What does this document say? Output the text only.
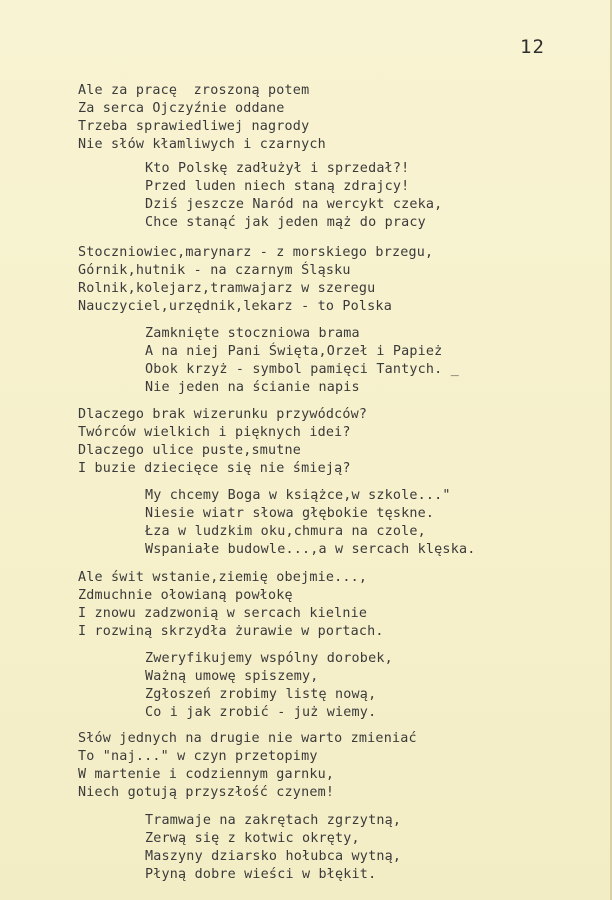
12
Ale za pracę  zroszoną potem
Za serca Ojczyźnie oddane
Trzeba sprawiedliwej nagrody
Nie słów kłamliwych i czarnych
Kto Polskę zadłużył i sprzedał?!
Przed luden niech staną zdrajcy!
Dziś jeszcze Naród na wercykt czeka,
Chce stanąć jak jeden mąż do pracy
Stoczniowiec,marynarz - z morskiego brzegu,
Górnik,hutnik - na czarnym Śląsku
Rolnik,kolejarz,tramwajarz w szeregu
Nauczyciel,urzędnik,lekarz - to Polska
Zamknięte stoczniowa brama
A na niej Pani Święta,Orzeł i Papież
Obok krzyż - symbol pamięci Tantych. _
Nie jeden na ścianie napis
Dlaczego brak wizerunku przywódców?
Twórców wielkich i pięknych idei?
Dlaczego ulice puste,smutne
I buzie dziecięce się nie śmieją?
My chcemy Boga w książce,w szkole..."
Niesie wiatr słowa głębokie tęskne.
Łza w ludzkim oku,chmura na czole,
Wspaniałe budowle...,a w sercach klęska.
Ale świt wstanie,ziemię obejmie...,
Zdmuchnie ołowianą powłokę
I znowu zadzwonią w sercach kielnie
I rozwiną skrzydła żurawie w portach.
Zweryfikujemy wspólny dorobek,
Ważną umowę spiszemy,
Zgłoszeń zrobimy listę nową,
Co i jak zrobić - już wiemy.
Słów jednych na drugie nie warto zmieniać
To "naj..." w czyn przetopimy
W martenie i codziennym garnku,
Niech gotują przyszłość czynem!
Tramwaje na zakrętach zgrzytną,
Zerwą się z kotwic okręty,
Maszyny dziarsko hołubca wytną,
Płyną dobre wieści w błękit.
